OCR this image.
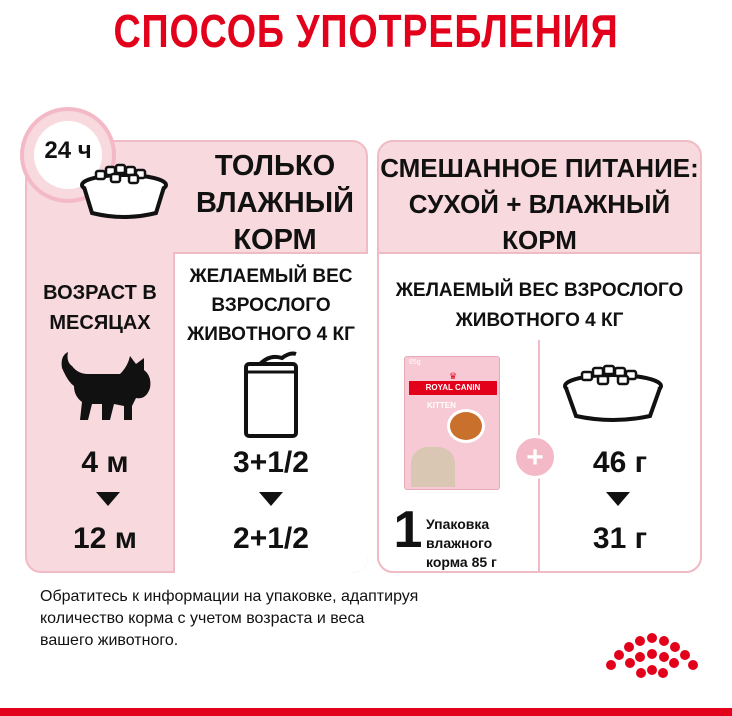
СПОСОБ УПОТРЕБЛЕНИЯ
24 ч	ТОЛЬКО
ВЛАЖНЫЙ
КОРМ
ВОЗРАСТ В
МЕСЯЦАХ
ЖЕЛАЕМЫЙ ВЕС
ВЗРОСЛОГО
ЖИВОТНОГО 4 КГ
4 м
12 м
3+1/2
2+1/2
СМЕШАННОЕ ПИТАНИЕ:
СУХОЙ + ВЛАЖНЫЙ
КОРМ
ЖЕЛАЕМЫЙ ВЕС ВЗРОСЛОГО
ЖИВОТНОГО 4 КГ
85g
♛
ROYAL CANIN
KITTEN
+
1 Упаковка
влажного
корма 85 г
46 г
31 г
Обратитесь к информации на упаковке, адаптируя
количество корма с учетом возраста и веса
вашего животного.
